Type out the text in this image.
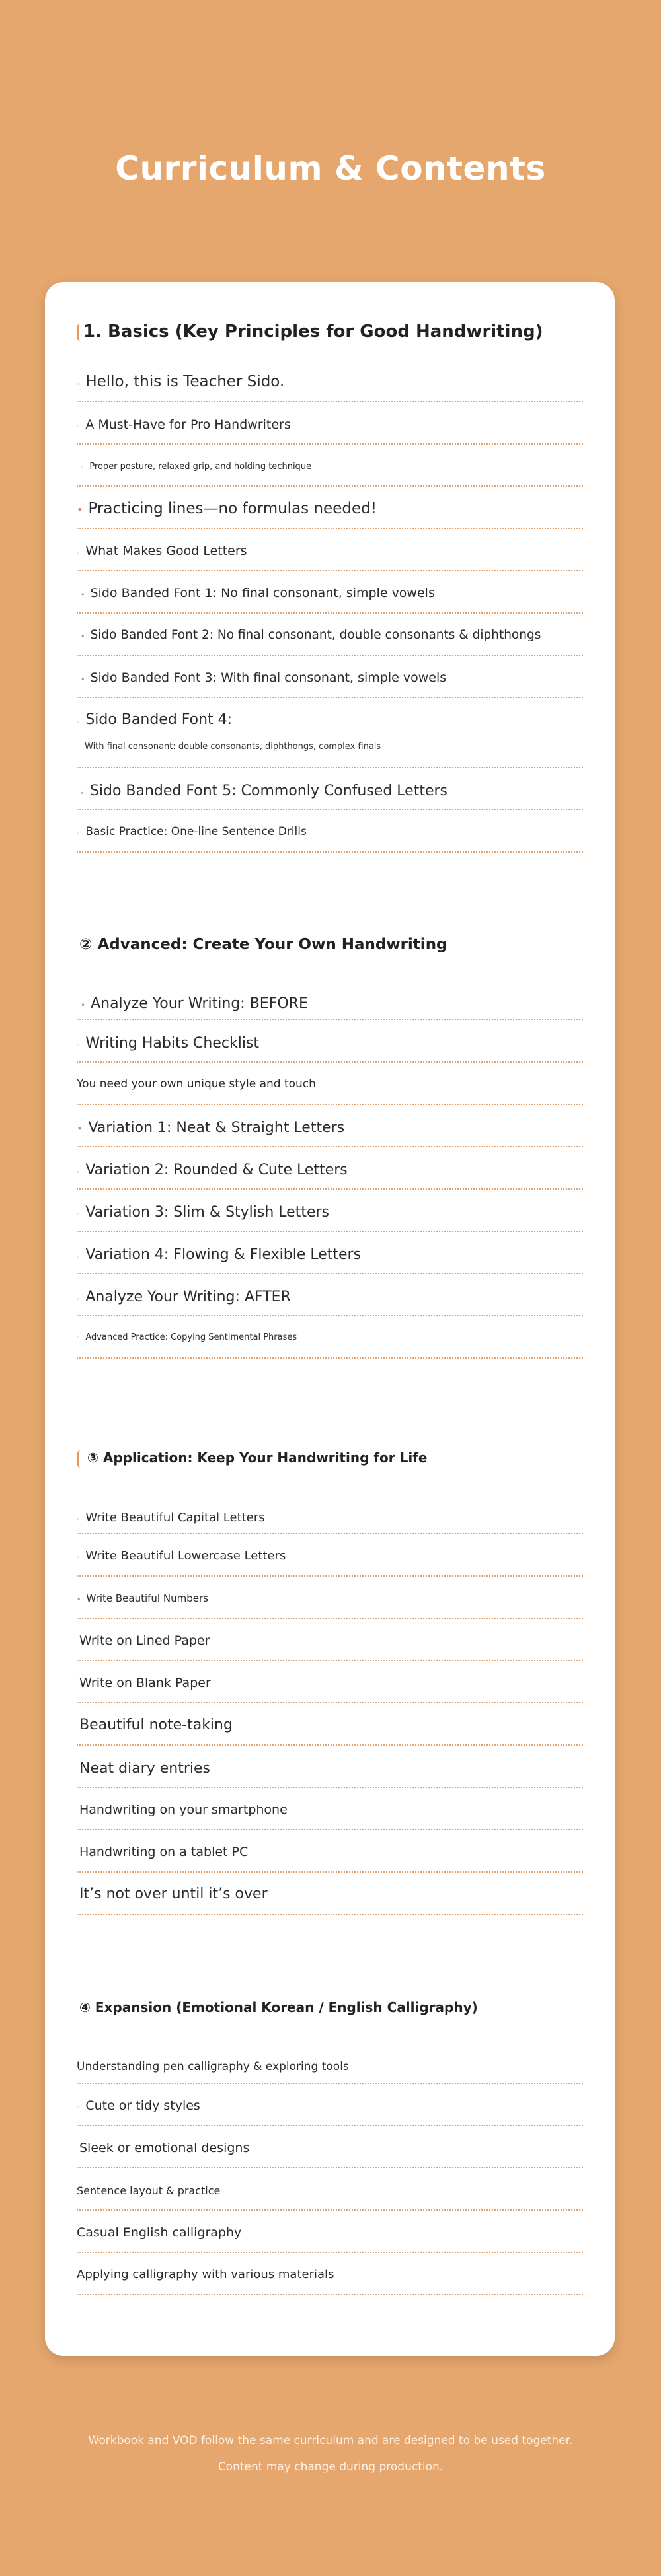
Curriculum & Contents
1. Basics (Key Principles for Good Handwriting)
◦ Hello, this is Teacher Sido.
◦ A Must-Have for Pro Handwriters
◦ Proper posture, relaxed grip, and holding technique
• Practicing lines—no formulas needed!
◦ What Makes Good Letters
• Sido Banded Font 1: No final consonant, simple vowels
• Sido Banded Font 2: No final consonant, double consonants & diphthongs
• Sido Banded Font 3: With final consonant, simple vowels
◦ Sido Banded Font 4:
With final consonant: double consonants, diphthongs, complex finals
‣ Sido Banded Font 5: Commonly Confused Letters
◦ Basic Practice: One-line Sentence Drills
② Advanced: Create Your Own Handwriting
• Analyze Your Writing: BEFORE
◦ Writing Habits Checklist
You need your own unique style and touch
• Variation 1: Neat & Straight Letters
◦ Variation 2: Rounded & Cute Letters
◦ Variation 3: Slim & Stylish Letters
◦ Variation 4: Flowing & Flexible Letters
◦ Analyze Your Writing: AFTER
◦ Advanced Practice: Copying Sentimental Phrases
③ Application: Keep Your Handwriting for Life
◦ Write Beautiful Capital Letters
◦ Write Beautiful Lowercase Letters
• Write Beautiful Numbers
Write on Lined Paper
Write on Blank Paper
Beautiful note-taking
Neat diary entries
Handwriting on your smartphone
Handwriting on a tablet PC
It’s not over until it’s over
④ Expansion (Emotional Korean / English Calligraphy)
Understanding pen calligraphy & exploring tools
◦ Cute or tidy styles
Sleek or emotional designs
Sentence layout & practice
Casual English calligraphy
Applying calligraphy with various materials
Workbook and VOD follow the same curriculum and are designed to be used together.
Content may change during production.
